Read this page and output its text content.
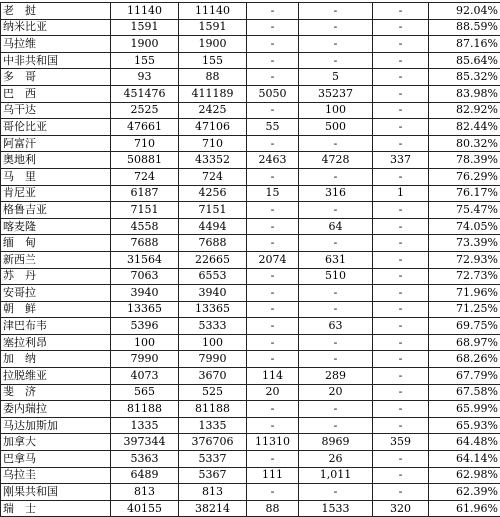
老　挝	11140	11140	-	-	-	92.04%
纳米比亚	1591	1591	-	-	-	88.59%
马拉维	1900	1900	-	-	-	87.16%
中非共和国	155	155	-	-	-	85.64%
多　哥	93	88	-	5	-	85.32%
巴　西	451476	411189	5050	35237	-	83.98%
乌干达	2525	2425	-	100	-	82.92%
哥伦比亚	47661	47106	55	500	-	82.44%
阿富汗	710	710	-	-	-	80.32%
奥地利	50881	43352	2463	4728	337	78.39%
马　里	724	724	-	-	-	76.29%
肯尼亚	6187	4256	15	316	1	76.17%
格鲁吉亚	7151	7151	-	-	-	75.47%
喀麦隆	4558	4494	-	64	-	74.05%
缅　甸	7688	7688	-	-	-	73.39%
新西兰	31564	22665	2074	631	-	72.93%
苏　丹	7063	6553	-	510	-	72.73%
安哥拉	3940	3940	-	-	-	71.96%
朝　鲜	13365	13365	-	-	-	71.25%
津巴布韦	5396	5333	-	63	-	69.75%
塞拉利昂	100	100	-	-	-	68.97%
加　纳	7990	7990	-	-	-	68.26%
拉脱维亚	4073	3670	114	289	-	67.79%
斐　济	565	525	20	20	-	67.58%
委内瑞拉	81188	81188	-	-	-	65.99%
马达加斯加	1335	1335	-	-	-	65.93%
加拿大	397344	376706	11310	8969	359	64.48%
巴拿马	5363	5337	-	26	-	64.14%
乌拉圭	6489	5367	111	1,011	-	62.98%
刚果共和国	813	813	-	-	-	62.39%
瑞　士	40155	38214	88	1533	320	61.96%
